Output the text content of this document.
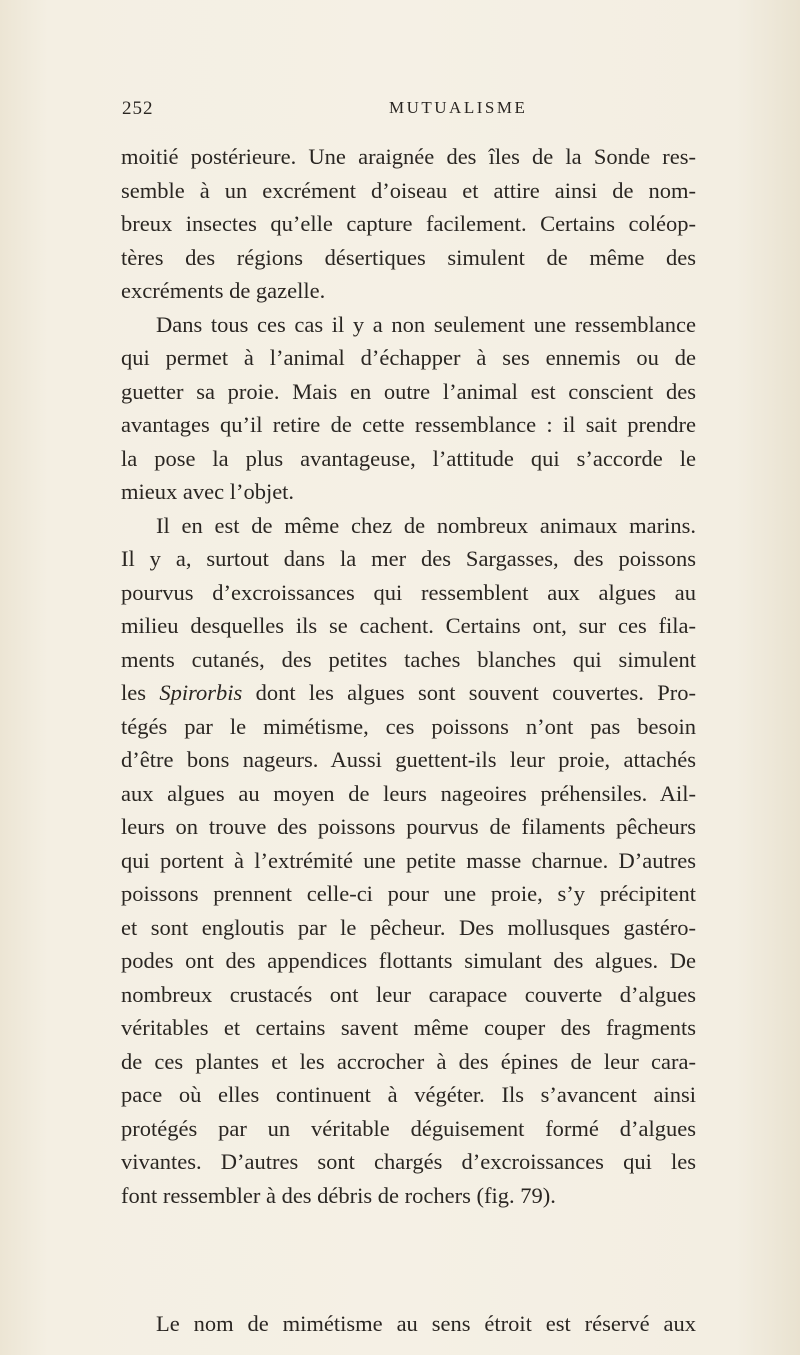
252	MUTUALISME
moitié postérieure. Une araignée des îles de la Sonde res-
semble à un excrément d’oiseau et attire ainsi de nom-
breux insectes qu’elle capture facilement. Certains coléop-
tères des régions désertiques simulent de même des
excréments de gazelle.
Dans tous ces cas il y a non seulement une ressemblance
qui permet à l’animal d’échapper à ses ennemis ou de
guetter sa proie. Mais en outre l’animal est conscient des
avantages qu’il retire de cette ressemblance : il sait prendre
la pose la plus avantageuse, l’attitude qui s’accorde le
mieux avec l’objet.
Il en est de même chez de nombreux animaux marins.
Il y a, surtout dans la mer des Sargasses, des poissons
pourvus d’excroissances qui ressemblent aux algues au
milieu desquelles ils se cachent. Certains ont, sur ces fila-
ments cutanés, des petites taches blanches qui simulent
les Spirorbis dont les algues sont souvent couvertes. Pro-
tégés par le mimétisme, ces poissons n’ont pas besoin
d’être bons nageurs. Aussi guettent-ils leur proie, attachés
aux algues au moyen de leurs nageoires préhensiles. Ail-
leurs on trouve des poissons pourvus de filaments pêcheurs
qui portent à l’extrémité une petite masse charnue. D’autres
poissons prennent celle-ci pour une proie, s’y précipitent
et sont engloutis par le pêcheur. Des mollusques gastéro-
podes ont des appendices flottants simulant des algues. De
nombreux crustacés ont leur carapace couverte d’algues
véritables et certains savent même couper des fragments
de ces plantes et les accrocher à des épines de leur cara-
pace où elles continuent à végéter. Ils s’avancent ainsi
protégés par un véritable déguisement formé d’algues
vivantes. D’autres sont chargés d’excroissances qui les
font ressembler à des débris de rochers (fig. 79).
Le nom de mimétisme au sens étroit est réservé aux
